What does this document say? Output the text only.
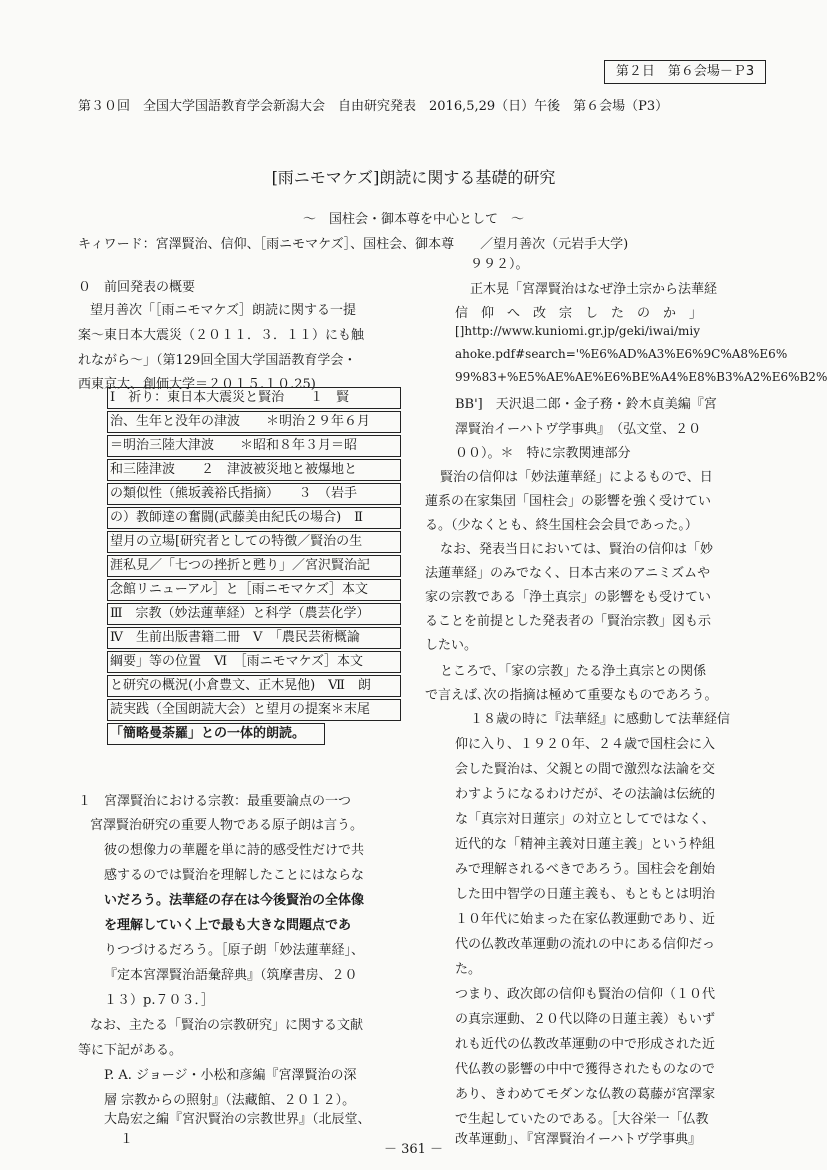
第２日　第６会場－Ｐ3
第３０回　全国大学国語教育学会新潟大会　自由研究発表　2016,5,29（日）午後　第６会場（P3）
[雨ニモマケズ]朗読に関する基礎的研究
～　国柱会・御本尊を中心として　～
キィワード：宮澤賢治、信仰、［雨ニモマケズ］、国柱会、御本尊　　／望月善次（元岩手大学)
０　前回発表の概要
望月善次「［雨ニモマケズ］朗読に関する一提
案～東日本大震災（２０１１．３．１１）にも触
れながら～」（第129回全国大学国語教育学会・
西東京大、創価大学＝２０１５.１０.25)
Ⅰ　祈り：東日本大震災と賢治　　１　賢
治、生年と没年の津波　　＊明治２９年６月
＝明治三陸大津波　　＊昭和８年３月＝昭
和三陸津波　　２　津波被災地と被爆地と
の類似性（熊坂義裕氏指摘）　　３　（岩手
の）教師達の奮闘(武藤美由紀氏の場合)　Ⅱ
望月の立場[研究者としての特徴／賢治の生
涯私見／「七つの挫折と甦り」／宮沢賢治記
念館リニューアル］と［雨ニモマケズ］本文
Ⅲ　宗教（妙法蓮華経）と科学（農芸化学）
Ⅳ　生前出版書籍二冊　Ⅴ　「農民芸術概論
綱要」等の位置　Ⅵ　［雨ニモマケズ］本文
と研究の概況(小倉豊文、正木晃他)　Ⅶ　朗
読実践（全国朗読大会）と望月の提案＊末尾
「簡略曼荼羅」との一体的朗読。
１　宮澤賢治における宗教：最重要論点の一つ
宮澤賢治研究の重要人物である原子朗は言う。
彼の想像力の華麗を単に詩的感受性だけで共
感するのでは賢治を理解したことにはならな
いだろう。法華経の存在は今後賢治の全体像
を理解していく上で最も大きな問題点であ
りつづけるだろう。［原子朗「妙法蓮華経」、
『定本宮澤賢治語彙辞典』（筑摩書房、２０
１３）p.７０３．］
なお、主たる「賢治の宗教研究」に関する文献
等に下記がある。
P. A. ジョージ・小松和彦編『宮澤賢治の深
層 宗教からの照射』（法藏館、２０１２）。
大島宏之編『宮沢賢治の宗教世界』（北辰堂、
１
９９２）。
正木晃「宮澤賢治はなぜ浄土宗から法華経
信　仰　へ　改　宗　し　た　の　か　」
[]http://www.kuniomi.gr.jp/geki/iwai/miy
ahoke.pdf#search='%E6%AD%A3%E6%9C%A8%E6%
99%83+%E5%AE%AE%E6%BE%A4%E8%B3%A2%E6%B2%
BB']　天沢退二郎・金子務・鈴木貞美編『宮
澤賢治イーハトヴ学事典』　（弘文堂、２０
００）。＊　特に宗教関連部分
賢治の信仰は「妙法蓮華経」によるもので、日
蓮系の在家集団「国柱会」の影響を強く受けてい
る。（少なくとも、終生国柱会会員であった。）
なお、発表当日においては、賢治の信仰は「妙
法蓮華経」のみでなく、日本古来のアニミズムや
家の宗教である「浄土真宗」の影響をも受けてい
ることを前提とした発表者の「賢治宗教」図も示
したい。
ところで、「家の宗教」たる浄土真宗との関係
で言えば､次の指摘は極めて重要なものであろう。
１８歳の時に『法華経』に感動して法華経信
仰に入り、１９２０年、２４歳で国柱会に入
会した賢治は、父親との間で激烈な法論を交
わすようになるわけだが、その法論は伝統的
な「真宗対日蓮宗」の対立としてではなく、
近代的な「精神主義対日蓮主義」という枠組
みで理解されるべきであろう。国柱会を創始
した田中智学の日蓮主義も、もともとは明治
１０年代に始まった在家仏教運動であり、近
代の仏教改革運動の流れの中にある信仰だっ
た。
つまり、政次郎の信仰も賢治の信仰（１０代
の真宗運動、２０代以降の日蓮主義）もいず
れも近代の仏教改革運動の中で形成された近
代仏教の影響の中中で獲得されたものなので
あり、きわめてモダンな仏教の葛藤が宮澤家
で生起していたのである。［大谷栄一「仏教
改革運動」、『宮澤賢治イーハトヴ学事典』
－ 361 －
